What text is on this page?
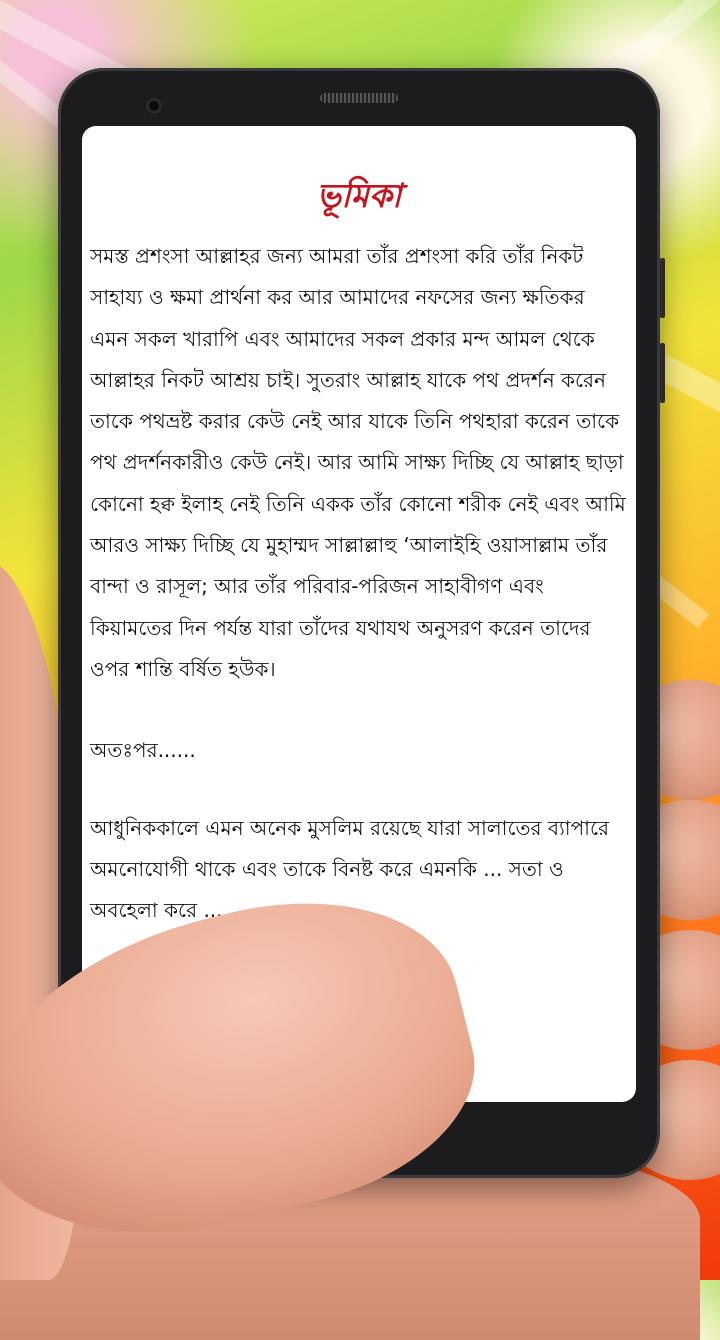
ভূমিকা

সমস্ত প্রশংসা আল্লাহর জন্য আমরা তাঁর প্রশংসা করি তাঁর নিকট সাহায্য ও ক্ষমা প্রার্থনা কর আর আমাদের নফসের জন্য ক্ষতিকর এমন সকল খারাপি এবং আমাদের সকল প্রকার মন্দ আমল থেকে আল্লাহর নিকট আশ্রয় চাই। সুতরাং আল্লাহ যাকে পথ প্রদর্শন করেন তাকে পথভ্রষ্ট করার কেউ নেই আর যাকে তিনি পথহারা করেন তাকে পথ প্রদর্শনকারীও কেউ নেই। আর আমি সাক্ষ্য দিচ্ছি যে আল্লাহ ছাড়া কোনো হক্ব ইলাহ নেই তিনি একক তাঁর কোনো শরীক নেই এবং আমি আরও সাক্ষ্য দিচ্ছি যে মুহাম্মদ সাল্লাল্লাহু ‘আলাইহি ওয়াসাল্লাম তাঁর বান্দা ও রাসূল; আর তাঁর পরিবার-পরিজন সাহাবীগণ এবং কিয়ামতের দিন পর্যন্ত যারা তাঁদের যথাযথ অনুসরণ করেন তাদের ওপর শান্তি বর্ষিত হউক।

অতঃপর......

আধুনিককালে এমন অনেক মুসলিম রয়েছে যারা সালাতের ব্যাপারে অমনোযোগী থাকে এবং তাকে বিনষ্ট করে এমনকি ... সতা ও অবহেলা করে ...
